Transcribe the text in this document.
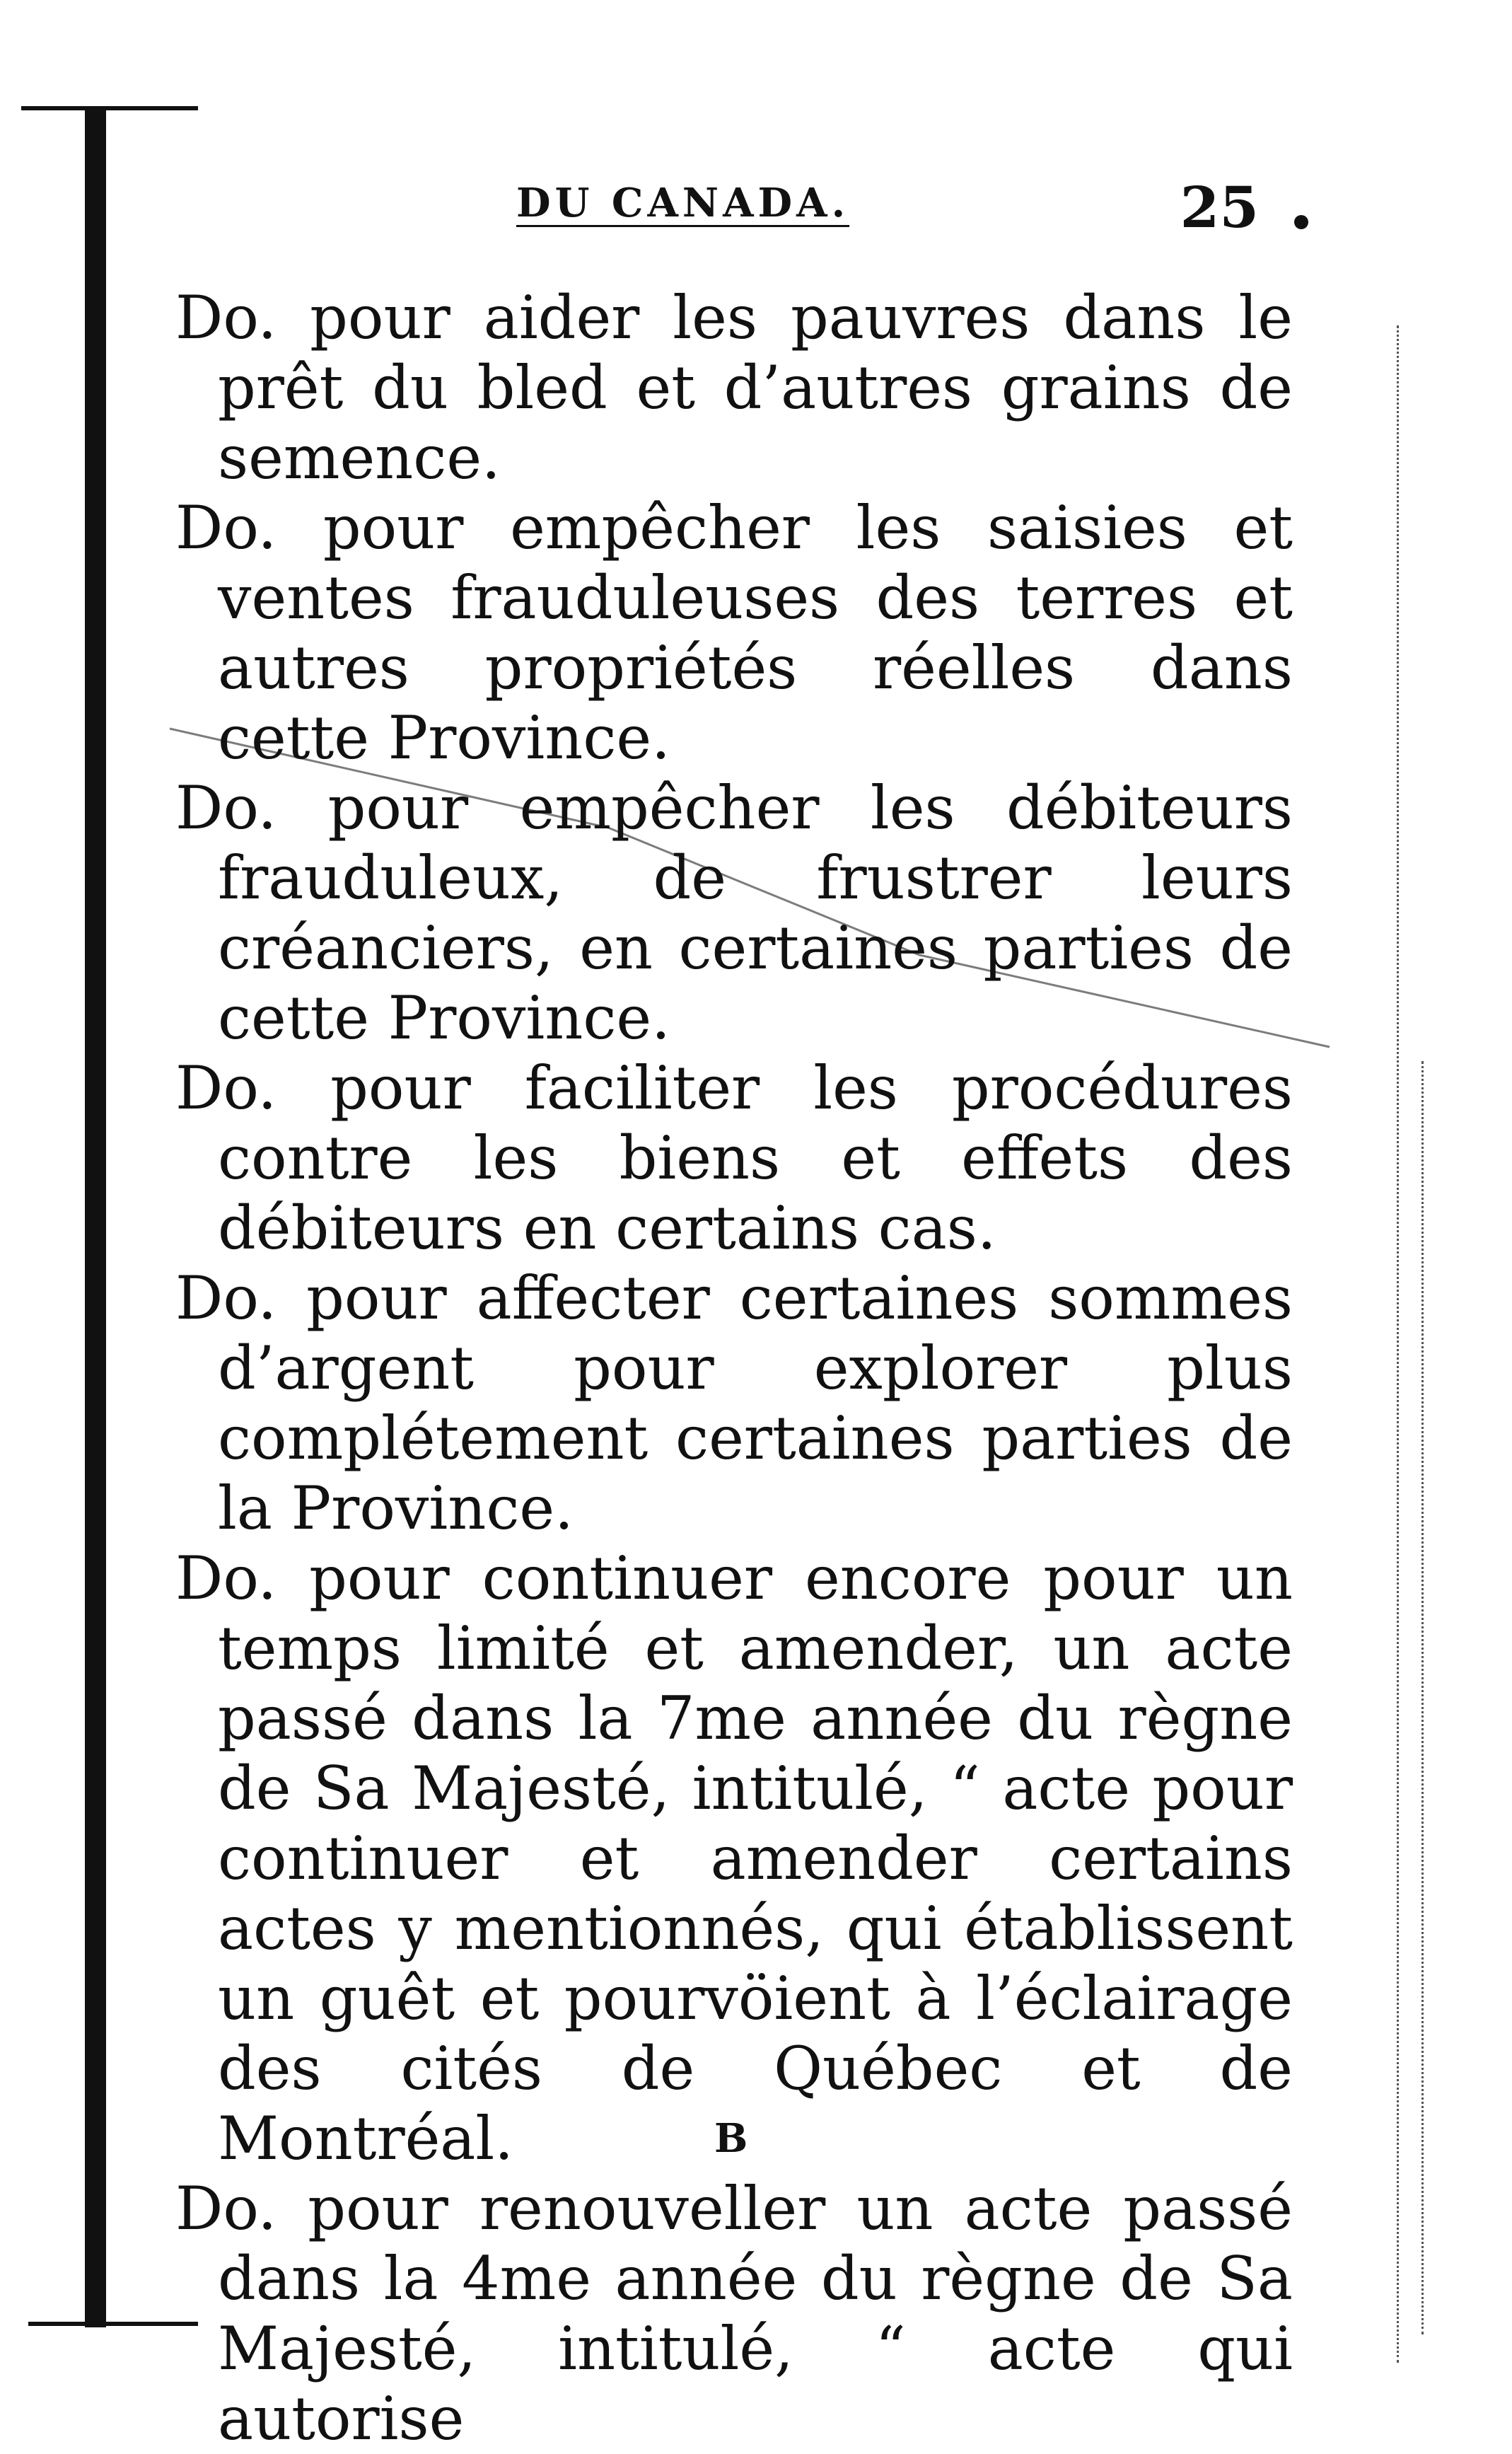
DU CANADA.	25

Do. pour aider les pauvres dans le prêt du bled et d’autres grains de semence.

Do. pour empêcher les saisies et ventes frauduleuses des terres et autres propriétés réelles dans cette Province.

Do. pour empêcher les débiteurs frauduleux, de frustrer leurs créanciers, en certaines parties de cette Province.

Do. pour faciliter les procédures contre les biens et effets des débiteurs en certains cas.

Do. pour affecter certaines sommes d’argent pour explorer plus complétement certaines parties de la Province.

Do. pour continuer encore pour un temps limité et amender, un acte passé dans la 7me année du règne de Sa Majesté, intitulé, “ acte pour continuer et amender certains actes y mentionnés, qui établissent un guêt et pourvöient à l’éclairage des cités de Québec et de Montréal.

Do. pour renouveller un acte passé dans la 4me année du règne de Sa Majesté, intitulé, “ acte qui autorise

B
